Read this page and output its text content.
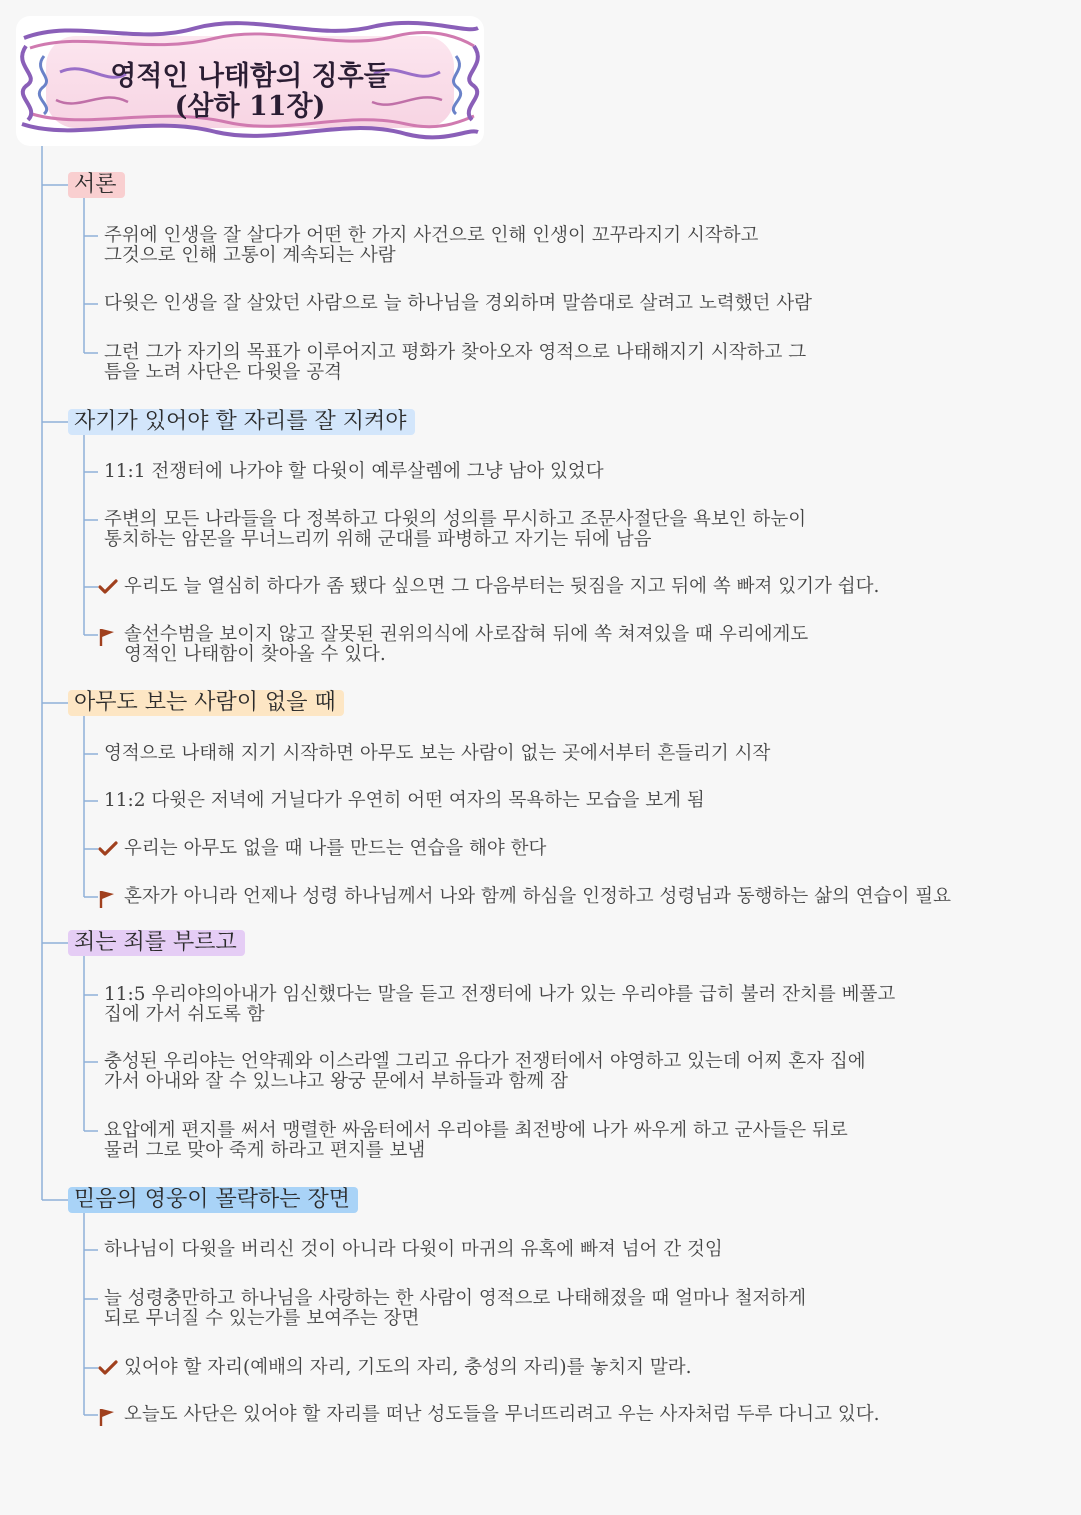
영적인 나태함의 징후들
(삼하 11장)
서론
주위에 인생을 잘 살다가 어떤 한 가지 사건으로 인해 인생이 꼬꾸라지기 시작하고
그것으로 인해 고통이 계속되는 사람
다윗은 인생을 잘 살았던 사람으로 늘 하나님을 경외하며 말씀대로 살려고 노력했던 사람
그런 그가 자기의 목표가 이루어지고 평화가 찾아오자 영적으로 나태해지기 시작하고 그
틈을 노려 사단은 다윗을 공격
자기가 있어야 할 자리를 잘 지켜야
11:1 전쟁터에 나가야 할 다윗이 예루살렘에 그냥 남아 있었다
주변의 모든 나라들을 다 정복하고 다윗의 성의를 무시하고 조문사절단을 욕보인 하눈이
통치하는 암몬을 무너느리끼 위해 군대를 파병하고 자기는 뒤에 남음
우리도 늘 열심히 하다가 좀 됐다 싶으면 그 다음부터는 뒷짐을 지고 뒤에 쏙 빠져 있기가 쉽다.
솔선수범을 보이지 않고 잘못된 권위의식에 사로잡혀 뒤에 쏙 쳐져있을 때 우리에게도
영적인 나태함이 찾아올 수 있다.
아무도 보는 사람이 없을 때
영적으로 나태해 지기 시작하면 아무도 보는 사람이 없는 곳에서부터 흔들리기 시작
11:2 다윗은 저녁에 거닐다가 우연히 어떤 여자의 목욕하는 모습을 보게 됨
우리는 아무도 없을 때 나를 만드는 연습을 해야 한다
혼자가 아니라 언제나 성령 하나님께서 나와 함께 하심을 인정하고 성령님과 동행하는 삶의 연습이 필요
죄는 죄를 부르고
11:5 우리야의아내가 임신했다는 말을 듣고 전쟁터에 나가 있는 우리야를 급히 불러 잔치를 베풀고
집에 가서 쉬도록 함
충성된 우리야는 언약궤와 이스라엘 그리고 유다가 전쟁터에서 야영하고 있는데 어찌 혼자 집에
가서 아내와 잘 수 있느냐고 왕궁 문에서 부하들과 함께 잠
요압에게 편지를 써서 맹렬한 싸움터에서 우리야를 최전방에 나가 싸우게 하고 군사들은 뒤로
물러 그로 맞아 죽게 하라고 편지를 보냄
믿음의 영웅이 몰락하는 장면
하나님이 다윗을 버리신 것이 아니라 다윗이 마귀의 유혹에 빠져 넘어 간 것임
늘 성령충만하고 하나님을 사랑하는 한 사람이 영적으로 나태해졌을 때 얼마나 철저하게
되로 무너질 수 있는가를 보여주는 장면
있어야 할 자리(예배의 자리, 기도의 자리, 충성의 자리)를 놓치지 말라.
오늘도 사단은 있어야 할 자리를 떠난 성도들을 무너뜨리려고 우는 사자처럼 두루 다니고 있다.
